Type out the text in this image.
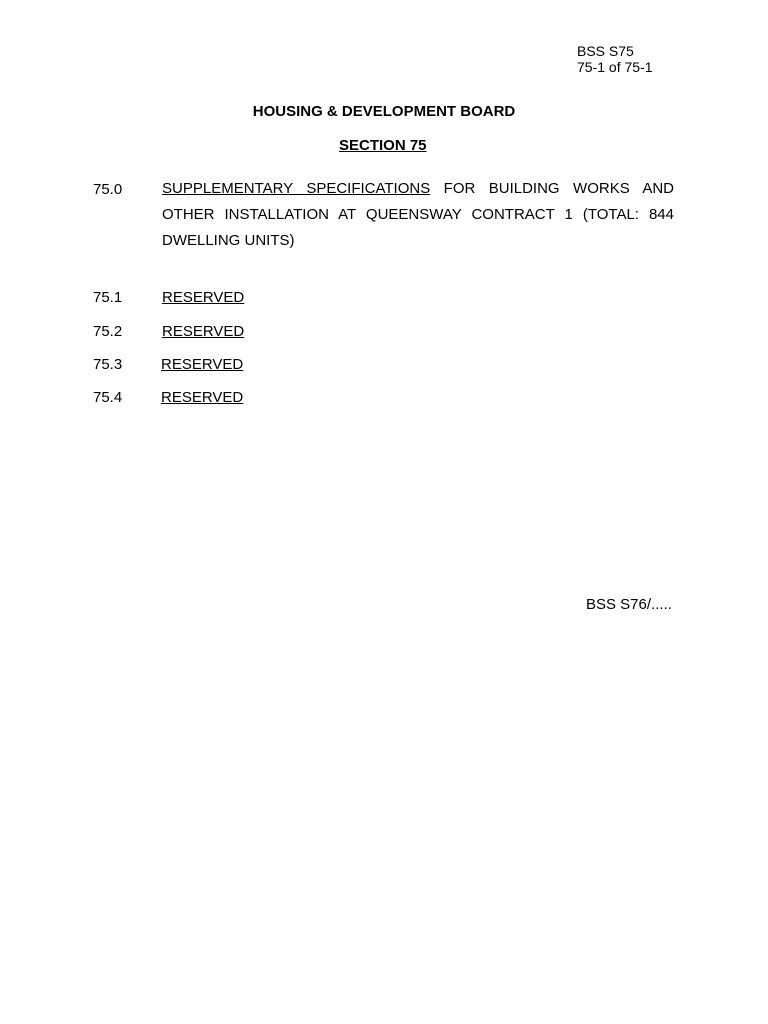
BSS S75
75-1 of 75-1
HOUSING & DEVELOPMENT BOARD
SECTION 75
75.0	SUPPLEMENTARY SPECIFICATIONS FOR BUILDING WORKS AND OTHER INSTALLATION AT QUEENSWAY CONTRACT 1 (TOTAL: 844 DWELLING UNITS)
75.1	RESERVED
75.2	RESERVED
75.3	RESERVED
75.4	RESERVED
BSS S76/.....
